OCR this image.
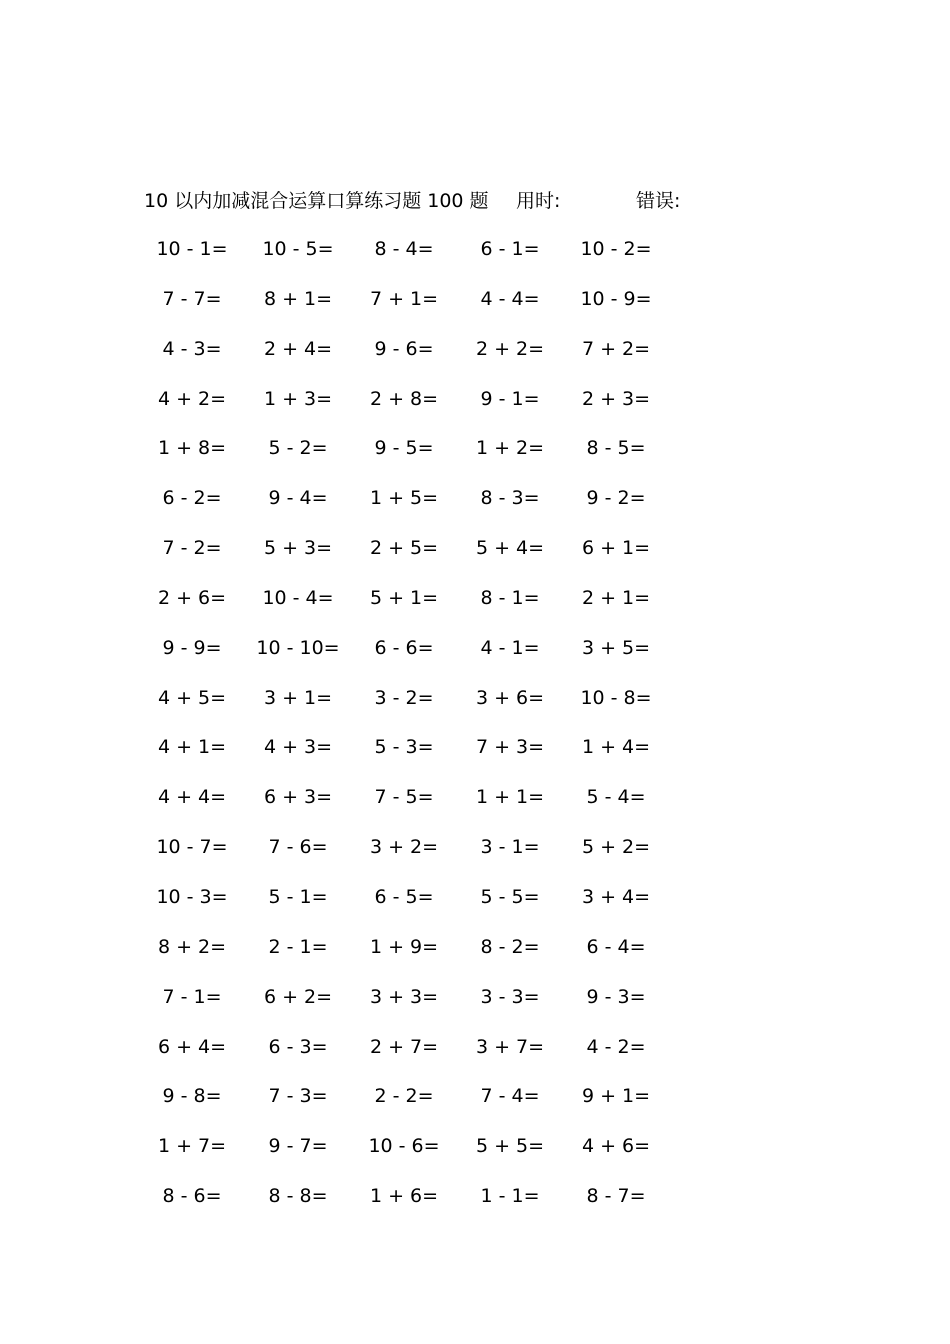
10 以内加减混合运算口算练习题 100 题 用时:	错误:
10 - 1=	10 - 5=	8 - 4=	6 - 1=	10 - 2=
7 - 7=	8 + 1=	7 + 1=	4 - 4=	10 - 9=
4 - 3=	2 + 4=	9 - 6=	2 + 2=	7 + 2=
4 + 2=	1 + 3=	2 + 8=	9 - 1=	2 + 3=
1 + 8=	5 - 2=	9 - 5=	1 + 2=	8 - 5=
6 - 2=	9 - 4=	1 + 5=	8 - 3=	9 - 2=
7 - 2=	5 + 3=	2 + 5=	5 + 4=	6 + 1=
2 + 6=	10 - 4=	5 + 1=	8 - 1=	2 + 1=
9 - 9=	10 - 10=	6 - 6=	4 - 1=	3 + 5=
4 + 5=	3 + 1=	3 - 2=	3 + 6=	10 - 8=
4 + 1=	4 + 3=	5 - 3=	7 + 3=	1 + 4=
4 + 4=	6 + 3=	7 - 5=	1 + 1=	5 - 4=
10 - 7=	7 - 6=	3 + 2=	3 - 1=	5 + 2=
10 - 3=	5 - 1=	6 - 5=	5 - 5=	3 + 4=
8 + 2=	2 - 1=	1 + 9=	8 - 2=	6 - 4=
7 - 1=	6 + 2=	3 + 3=	3 - 3=	9 - 3=
6 + 4=	6 - 3=	2 + 7=	3 + 7=	4 - 2=
9 - 8=	7 - 3=	2 - 2=	7 - 4=	9 + 1=
1 + 7=	9 - 7=	10 - 6=	5 + 5=	4 + 6=
8 - 6=	8 - 8=	1 + 6=	1 - 1=	8 - 7=
